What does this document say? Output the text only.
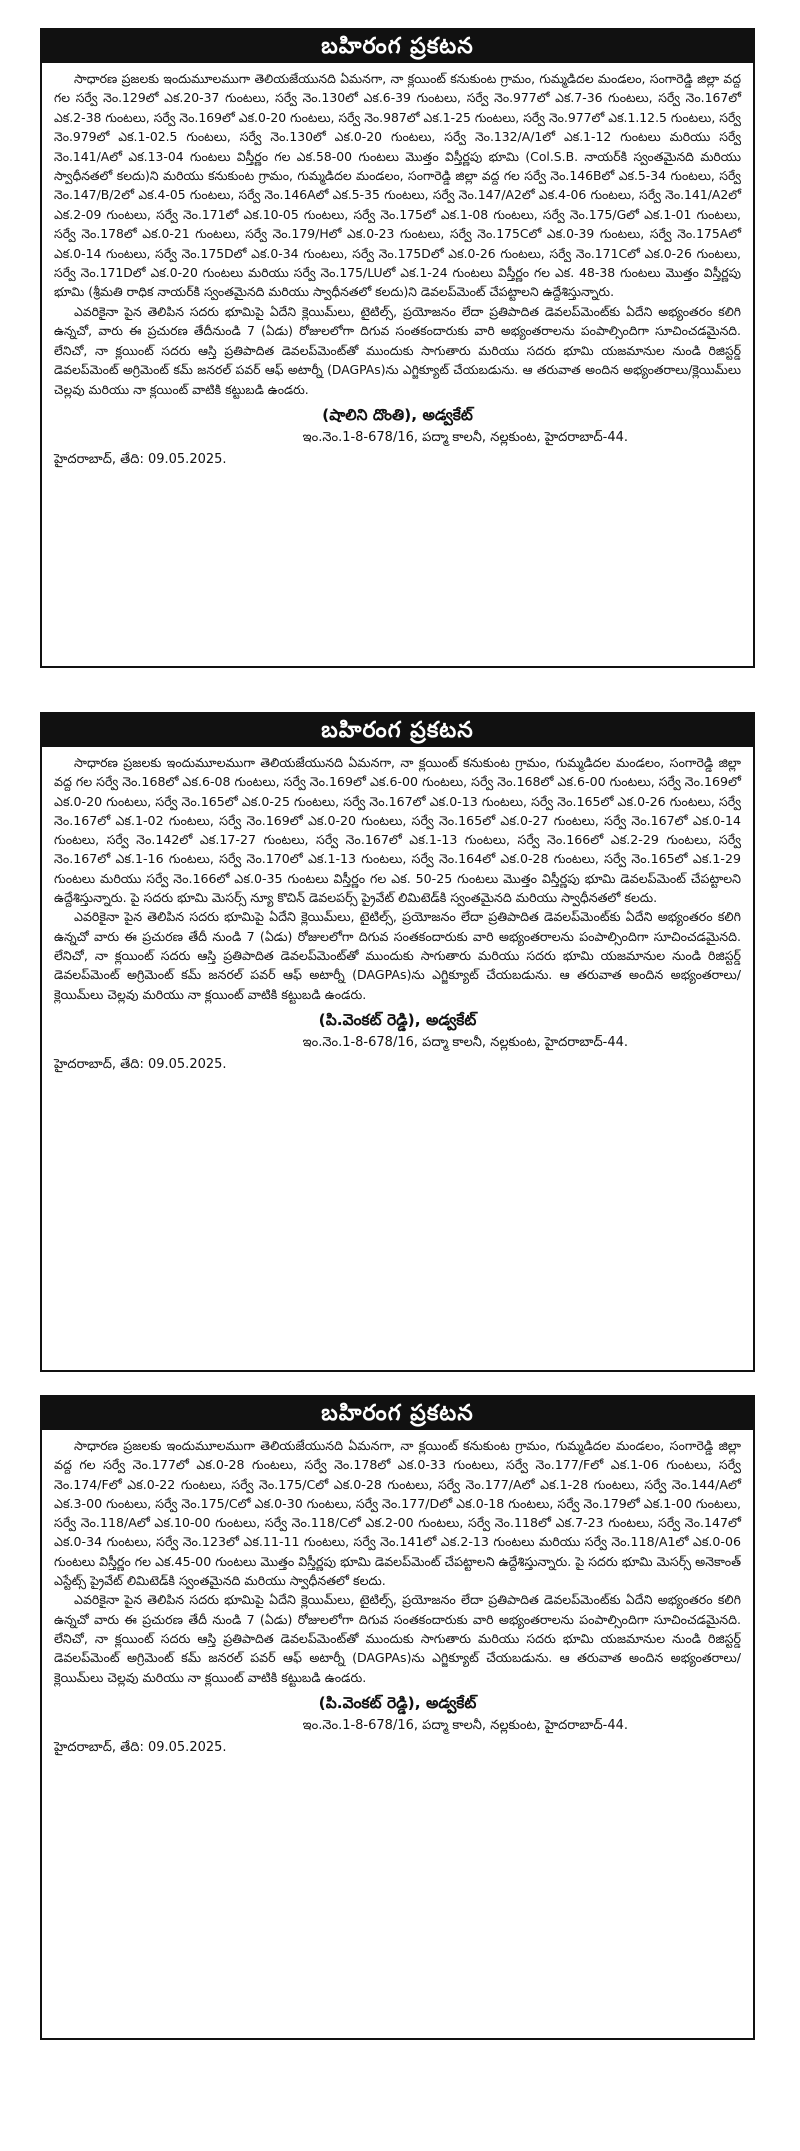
బహిరంగ ప్రకటన

సాధారణ ప్రజలకు ఇందుమూలముగా తెలియజేయునది ఏమనగా, నా క్లయింట్ కనుకుంట గ్రామం, గుమ్మడిదల మండలం, సంగారెడ్డి జిల్లా వద్ద గల సర్వే నెం.129లో ఎక.20-37 గుంటలు, సర్వే నెం.130లో ఎక.6-39 గుంటలు, సర్వే నెం.977లో ఎక.7-36 గుంటలు, సర్వే నెం.167లో ఎక.2-38 గుంటలు, సర్వే నెం.169లో ఎక.0-20 గుంటలు, సర్వే నెం.987లో ఎక.1-25 గుంటలు, సర్వే నెం.977లో ఎక.1.12.5 గుంటలు, సర్వే నెం.979లో ఎక.1-02.5 గుంటలు, సర్వే నెం.130లో ఎక.0-20 గుంటలు, సర్వే నెం.132/A/1లో ఎక.1-12 గుంటలు మరియు సర్వే నెం.141/Aలో ఎక.13-04 గుంటలు విస్తీర్ణం గల ఎక.58-00 గుంటలు మొత్తం విస్తీర్ణపు భూమి (Col.S.B. నాయర్‌కి స్వంతమైనది మరియు స్వాధీనతలో కలదు)ని మరియు కనుకుంట గ్రామం, గుమ్మడిదల మండలం, సంగారెడ్డి జిల్లా వద్ద గల సర్వే నెం.146Bలో ఎక.5-34 గుంటలు, సర్వే నెం.147/B/2లో ఎక.4-05 గుంటలు, సర్వే నెం.146Aలో ఎక.5-35 గుంటలు, సర్వే నెం.147/A2లో ఎక.4-06 గుంటలు, సర్వే నెం.141/A2లో ఎక.2-09 గుంటలు, సర్వే నెం.171లో ఎక.10-05 గుంటలు, సర్వే నెం.175లో ఎక.1-08 గుంటలు, సర్వే నెం.175/Gలో ఎక.1-01 గుంటలు, సర్వే నెం.178లో ఎక.0-21 గుంటలు, సర్వే నెం.179/Hలో ఎక.0-23 గుంటలు, సర్వే నెం.175Cలో ఎక.0-39 గుంటలు, సర్వే నెం.175Aలో ఎక.0-14 గుంటలు, సర్వే నెం.175Dలో ఎక.0-34 గుంటలు, సర్వే నెం.175Dలో ఎక.0-26 గుంటలు, సర్వే నెం.171Cలో ఎక.0-26 గుంటలు, సర్వే నెం.171Dలో ఎక.0-20 గుంటలు మరియు సర్వే నెం.175/LUలో ఎక.1-24 గుంటలు విస్తీర్ణం గల ఎక. 48-38 గుంటలు మొత్తం విస్తీర్ణపు భూమి (శ్రీమతి రాధిక నాయర్‌కి స్వంతమైనది మరియు స్వాధీనతలో కలదు)ని డెవలప్‌మెంట్ చేపట్టాలని ఉద్దేశిస్తున్నారు.

ఎవరికైనా పైన తెలిపిన సదరు భూమిపై ఏదేని క్లెయిమ్‌లు, టైటిల్స్, ప్రయోజనం లేదా ప్రతిపాదిత డెవలప్‌మెంట్‌కు ఏదేని అభ్యంతరం కలిగి ఉన్నచో, వారు ఈ ప్రచురణ తేదీనుండి 7 (ఏడు) రోజులలోగా దిగువ సంతకందారుకు వారి అభ్యంతరాలను పంపాల్సిందిగా సూచించడమైనది. లేనిచో, నా క్లయింట్ సదరు ఆస్తి ప్రతిపాదిత డెవలప్‌మెంట్‌తో ముందుకు సాగుతారు మరియు సదరు భూమి యజమానుల నుండి రిజిస్టర్డ్ డెవలప్‌మెంట్ అగ్రిమెంట్ కమ్ జనరల్ పవర్ ఆఫ్ అటార్నీ (DAGPAs)ను ఎగ్జిక్యూట్ చేయబడును. ఆ తరువాత అందిన అభ్యంతరాలు/క్లెయిమ్‌లు చెల్లవు మరియు నా క్లయింట్ వాటికి కట్టుబడి ఉండరు.

(షాలిని దొంతి), అడ్వకేట్

ఇం.నెం.1-8-678/16, పద్మా కాలనీ, నల్లకుంట, హైదరాబాద్-44.

హైదరాబాద్, తేది: 09.05.2025.

బహిరంగ ప్రకటన

సాధారణ ప్రజలకు ఇందుమూలముగా తెలియజేయునది ఏమనగా, నా క్లయింట్ కనుకుంట గ్రామం, గుమ్మడిదల మండలం, సంగారెడ్డి జిల్లా వద్ద గల సర్వే నెం.168లో ఎక.6-08 గుంటలు, సర్వే నెం.169లో ఎక.6-00 గుంటలు, సర్వే నెం.168లో ఎక.6-00 గుంటలు, సర్వే నెం.169లో ఎక.0-20 గుంటలు, సర్వే నెం.165లో ఎక.0-25 గుంటలు, సర్వే నెం.167లో ఎక.0-13 గుంటలు, సర్వే నెం.165లో ఎక.0-26 గుంటలు, సర్వే నెం.167లో ఎక.1-02 గుంటలు, సర్వే నెం.169లో ఎక.0-20 గుంటలు, సర్వే నెం.165లో ఎక.0-27 గుంటలు, సర్వే నెం.167లో ఎక.0-14 గుంటలు, సర్వే నెం.142లో ఎక.17-27 గుంటలు, సర్వే నెం.167లో ఎక.1-13 గుంటలు, సర్వే నెం.166లో ఎక.2-29 గుంటలు, సర్వే నెం.167లో ఎక.1-16 గుంటలు, సర్వే నెం.170లో ఎక.1-13 గుంటలు, సర్వే నెం.164లో ఎక.0-28 గుంటలు, సర్వే నెం.165లో ఎక.1-29 గుంటలు మరియు సర్వే నెం.166లో ఎక.0-35 గుంటలు విస్తీర్ణం గల ఎక. 50-25 గుంటలు మొత్తం విస్తీర్ణపు భూమి డెవలప్‌మెంట్ చేపట్టాలని ఉద్దేశిస్తున్నారు. పై సదరు భూమి మెసర్స్ న్యూ కొచిన్ డెవలపర్స్ ప్రైవేట్ లిమిటెడ్‌కి స్వంతమైనది మరియు స్వాధీనతలో కలదు.

ఎవరికైనా పైన తెలిపిన సదరు భూమిపై ఏదేని క్లెయిమ్‌లు, టైటిల్స్, ప్రయోజనం లేదా ప్రతిపాదిత డెవలప్‌మెంట్‌కు ఏదేని అభ్యంతరం కలిగి ఉన్నచో వారు ఈ ప్రచురణ తేదీ నుండి 7 (ఏడు) రోజులలోగా దిగువ సంతకందారుకు వారి అభ్యంతరాలను పంపాల్సిందిగా సూచించడమైనది. లేనిచో, నా క్లయింట్ సదరు ఆస్తి ప్రతిపాదిత డెవలప్‌మెంట్‌తో ముందుకు సాగుతారు మరియు సదరు భూమి యజమానుల నుండి రిజిస్టర్డ్ డెవలప్‌మెంట్ అగ్రిమెంట్ కమ్ జనరల్ పవర్ ఆఫ్ అటార్నీ (DAGPAs)ను ఎగ్జిక్యూట్ చేయబడును. ఆ తరువాత అందిన అభ్యంతరాలు/క్లెయిమ్‌లు చెల్లవు మరియు నా క్లయింట్ వాటికి కట్టుబడి ఉండరు.

(పి.వెంకట్ రెడ్డి), అడ్వకేట్

ఇం.నెం.1-8-678/16, పద్మా కాలనీ, నల్లకుంట, హైదరాబాద్-44.

హైదరాబాద్, తేది: 09.05.2025.

బహిరంగ ప్రకటన

సాధారణ ప్రజలకు ఇందుమూలముగా తెలియజేయునది ఏమనగా, నా క్లయింట్ కనుకుంట గ్రామం, గుమ్మడిదల మండలం, సంగారెడ్డి జిల్లా వద్ద గల సర్వే నెం.177లో ఎక.0-28 గుంటలు, సర్వే నెం.178లో ఎక.0-33 గుంటలు, సర్వే నెం.177/Fలో ఎక.1-06 గుంటలు, సర్వే నెం.174/Fలో ఎక.0-22 గుంటలు, సర్వే నెం.175/Cలో ఎక.0-28 గుంటలు, సర్వే నెం.177/Aలో ఎక.1-28 గుంటలు, సర్వే నెం.144/Aలో ఎక.3-00 గుంటలు, సర్వే నెం.175/Cలో ఎక.0-30 గుంటలు, సర్వే నెం.177/Dలో ఎక.0-18 గుంటలు, సర్వే నెం.179లో ఎక.1-00 గుంటలు, సర్వే నెం.118/Aలో ఎక.10-00 గుంటలు, సర్వే నెం.118/Cలో ఎక.2-00 గుంటలు, సర్వే నెం.118లో ఎక.7-23 గుంటలు, సర్వే నెం.147లో ఎక.0-34 గుంటలు, సర్వే నెం.123లో ఎక.11-11 గుంటలు, సర్వే నెం.141లో ఎక.2-13 గుంటలు మరియు సర్వే నెం.118/A1లో ఎక.0-06 గుంటలు విస్తీర్ణం గల ఎక.45-00 గుంటలు మొత్తం విస్తీర్ణపు భూమి డెవలప్‌మెంట్ చేపట్టాలని ఉద్దేశిస్తున్నారు. పై సదరు భూమి మెసర్స్ అనెకాంత్ ఎస్టేట్స్ ప్రైవేట్ లిమిటెడ్‌కి స్వంతమైనది మరియు స్వాధీనతలో కలదు.

ఎవరికైనా పైన తెలిపిన సదరు భూమిపై ఏదేని క్లెయిమ్‌లు, టైటిల్స్, ప్రయోజనం లేదా ప్రతిపాదిత డెవలప్‌మెంట్‌కు ఏదేని అభ్యంతరం కలిగి ఉన్నచో వారు ఈ ప్రచురణ తేదీ నుండి 7 (ఏడు) రోజులలోగా దిగువ సంతకందారుకు వారి అభ్యంతరాలను పంపాల్సిందిగా సూచించడమైనది. లేనిచో, నా క్లయింట్ సదరు ఆస్తి ప్రతిపాదిత డెవలప్‌మెంట్‌తో ముందుకు సాగుతారు మరియు సదరు భూమి యజమానుల నుండి రిజిస్టర్డ్ డెవలప్‌మెంట్ అగ్రిమెంట్ కమ్ జనరల్ పవర్ ఆఫ్ అటార్నీ (DAGPAs)ను ఎగ్జిక్యూట్ చేయబడును. ఆ తరువాత అందిన అభ్యంతరాలు/క్లెయిమ్‌లు చెల్లవు మరియు నా క్లయింట్ వాటికి కట్టుబడి ఉండరు.

(పి.వెంకట్ రెడ్డి), అడ్వకేట్

ఇం.నెం.1-8-678/16, పద్మా కాలనీ, నల్లకుంట, హైదరాబాద్-44.

హైదరాబాద్, తేది: 09.05.2025.
